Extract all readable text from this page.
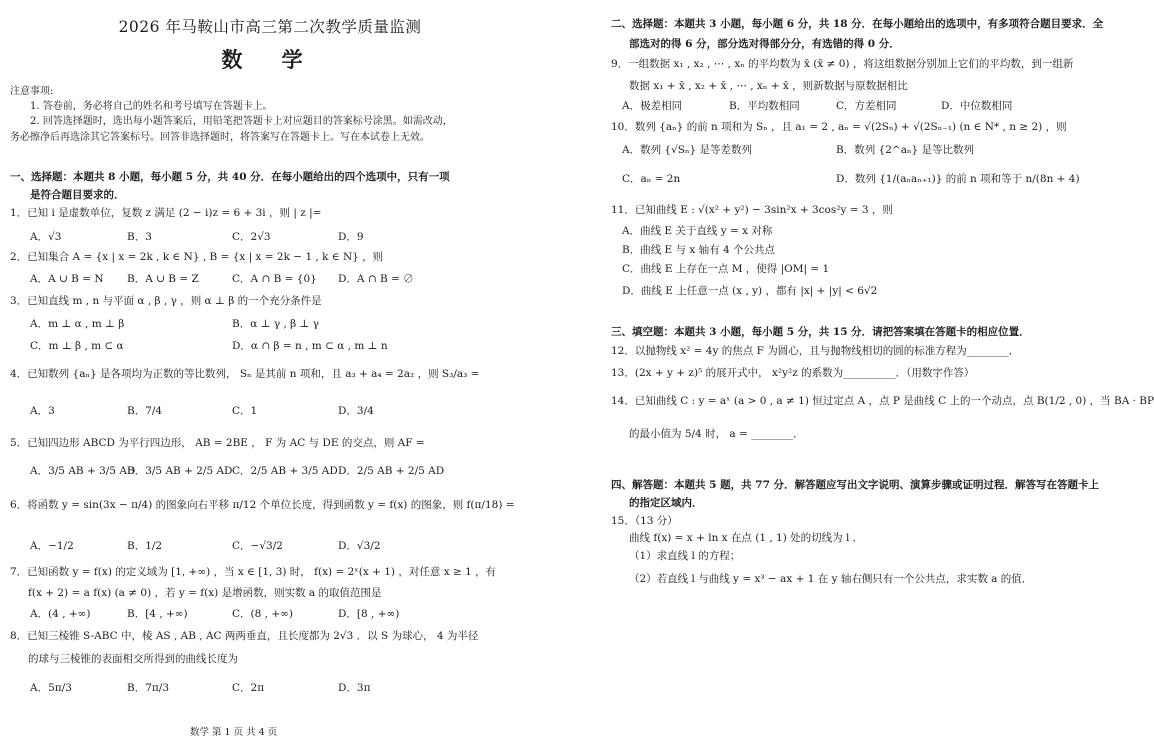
2026 年马鞍山市高三第二次教学质量监测
数 学
注意事项:
1. 答卷前，务必将自己的姓名和考号填写在答题卡上。
2. 回答选择题时，选出每小题答案后，用铅笔把答题卡上对应题目的答案标号涂黑。如需改动，
务必擦净后再选涂其它答案标号。回答非选择题时，将答案写在答题卡上。写在本试卷上无效。
一、选择题：本题共 8 小题，每小题 5 分，共 40 分．在每小题给出的四个选项中，只有一项
是符合题目要求的．
1．已知 i 是虚数单位，复数 z 满足 (2 − i)z = 6 + 3i ，则 | z |=
A．√3	B．3	C．2√3	D．9
2．已知集合 A = {x | x = 2k , k ∈ N} , B = {x | x = 2k − 1 , k ∈ N} ，则
A．A ∪ B = N B．A ∪ B = Z	C．A ∩ B = {0} D．A ∩ B = ∅
3．已知直线 m , n 与平面 α , β , γ ，则 α ⊥ β 的一个充分条件是
A．m ⊥ α , m ⊥ β	B．α ⊥ γ , β ⊥ γ
C．m ⊥ β , m ⊂ α	D．α ∩ β = n , m ⊂ α , m ⊥ n
4．已知数列 {aₙ} 是各项均为正数的等比数列， Sₙ 是其前 n 项和，且 a₃ + a₄ = 2a₂ ，则 S₃/a₃ =
A．3	B．7/4	C．1	D．3/4
5．已知四边形 ABCD 为平行四边形， AB = 2BE ， F 为 AC 与 DE 的交点，则 AF =
A．3/5 AB + 3/5 AD
B．3/5 AB + 2/5 AD C．2/5 AB + 3/5 AD D．2/5 AB + 2/5 AD
6．将函数 y = sin(3x − π/4) 的图象向右平移 π/12 个单位长度，得到函数 y = f(x) 的图象，则 f(π/18) =
A．−1/2	B．1/2	C．−√3/2	D．√3/2
7．已知函数 y = f(x) 的定义域为 [1, +∞) ，当 x ∈ [1, 3) 时， f(x) = 2ˣ(x + 1) ，对任意 x ≥ 1 ，有
f(x + 2) = a f(x) (a ≠ 0) ，若 y = f(x) 是增函数，则实数 a 的取值范围是
A．(4 , +∞)	B．[4 , +∞)	C．(8 , +∞)	D．[8 , +∞)
8．已知三棱锥 S-ABC 中，棱 AS , AB , AC 两两垂直，且长度都为 2√3 ．以 S 为球心， 4 为半径
的球与三棱锥的表面相交所得到的曲线长度为
A．5π/3	B．7π/3	C．2π	D．3π
数学 第 1 页 共 4 页
二、选择题：本题共 3 小题，每小题 6 分，共 18 分．在每小题给出的选项中，有多项符合题目要求．全
部选对的得 6 分，部分选对得部分分，有选错的得 0 分．
9．一组数据 x₁ , x₂ , ⋯ , xₙ 的平均数为 x̄ (x̄ ≠ 0) ，将这组数据分别加上它们的平均数，到一组新
数据 x₁ + x̄ , x₂ + x̄ , ⋯ , xₙ + x̄ ，则新数据与原数据相比
A．极差相同	B．平均数相同	C．方差相同	D．中位数相同
10．数列 {aₙ} 的前 n 项和为 Sₙ ，且 a₁ = 2 , aₙ = √(2Sₙ) + √(2Sₙ₋₁) (n ∈ N* , n ≥ 2) ，则
A．数列 {√Sₙ} 是等差数列	B．数列 {2^aₙ} 是等比数列
C．aₙ = 2n	D．数列 {1/(aₙaₙ₊₁)} 的前 n 项和等于 n/(8n + 4)
11．已知曲线 E : √(x² + y²) − 3sin²x + 3cos²y = 3 ，则
A．曲线 E 关于直线 y = x 对称
B．曲线 E 与 x 轴有 4 个公共点
C．曲线 E 上存在一点 M ，使得 |OM| = 1
D．曲线 E 上任意一点 (x , y) ，都有 |x| + |y| < 6√2
三、填空题：本题共 3 小题，每小题 5 分，共 15 分．请把答案填在答题卡的相应位置．
12．以抛物线 x² = 4y 的焦点 F 为圆心，且与抛物线相切的圆的标准方程为________．
13．(2x + y + z)⁵ 的展开式中， x²y²z 的系数为__________．（用数字作答）
14．已知曲线 C : y = aˣ (a > 0 , a ≠ 1) 恒过定点 A ，点 P 是曲线 C 上的一个动点，点 B(1/2 , 0) ，当 BA · BP
的最小值为 5/4 时， a = ________．
四、解答题：本题共 5 题，共 77 分．解答题应写出文字说明、演算步骤或证明过程．解答写在答题卡上
的指定区域内．
15．（13 分）
曲线 f(x) = x + ln x 在点 (1 , 1) 处的切线为 l ．
（1）求直线 l 的方程；
（2）若直线 l 与曲线 y = x³ − ax + 1 在 y 轴右侧只有一个公共点，求实数 a 的值．
